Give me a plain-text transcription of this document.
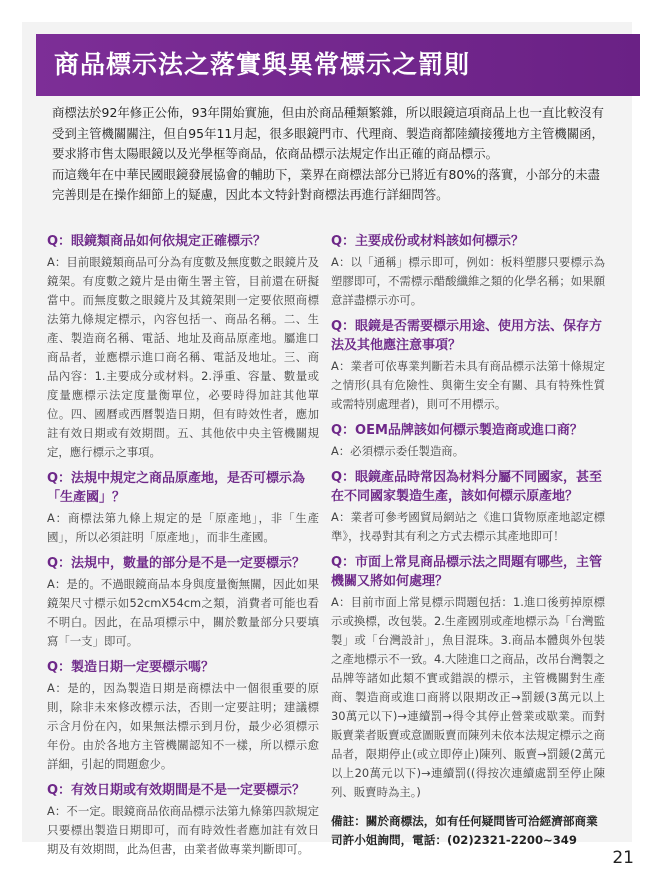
商品標示法之落實與異常標示之罰則

商標法於92年修正公佈，93年開始實施，但由於商品種類繁雜，所以眼鏡這項商品上也一直比較沒有受到主管機關關注，但自95年11月起，很多眼鏡門市、代理商、製造商都陸續接獲地方主管機關函，要求將市售太陽眼鏡以及光學框等商品，依商品標示法規定作出正確的商品標示。

而這幾年在中華民國眼鏡發展協會的輔助下，業界在商標法部分已將近有80%的落實，小部分的未盡完善則是在操作細節上的疑慮，因此本文特針對商標法再進行詳細問答。

Q：眼鏡類商品如何依規定正確標示？

A：目前眼鏡類商品可分為有度數及無度數之眼鏡片及鏡架。有度數之鏡片是由衛生署主管，目前還在研擬當中。而無度數之眼鏡片及其鏡架則一定要依照商標法第九條規定標示，內容包括一、商品名稱。二、生產、製造商名稱、電話、地址及商品原產地。屬進口商品者，並應標示進口商名稱、電話及地址。三、商品內容：1.主要成分或材料。2.淨重、容量、數量或度量應標示法定度量衡單位，必要時得加註其他單位。四、國曆或西曆製造日期，但有時效性者，應加註有效日期或有效期間。五、其他依中央主管機關規定，應行標示之事項。

Q：法規中規定之商品原產地，是否可標示為「生產國」？

A：商標法第九條上規定的是「原產地」，非「生產國」，所以必須註明「原產地」，而非生產國。

Q：法規中，數量的部分是不是一定要標示？

A：是的。不過眼鏡商品本身與度量衡無關，因此如果鏡架尺寸標示如52cmX54cm之類，消費者可能也看不明白。因此，在品項標示中，關於數量部分只要填寫「一支」即可。

Q：製造日期一定要標示嗎？

A：是的，因為製造日期是商標法中一個很重要的原則，除非未來修改標示法，否則一定要註明；建議標示含月份在內，如果無法標示到月份，最少必須標示年份。由於各地方主管機關認知不一樣，所以標示愈詳細，引起的問題愈少。

Q：有效日期或有效期間是不是一定要標示？

A：不一定。眼鏡商品依商品標示法第九條第四款規定只要標出製造日期即可，而有時效性者應加註有效日期及有效期間，此為但書，由業者做專業判斷即可。

Q：主要成份或材料該如何標示？

A：以「通稱」標示即可，例如：板料塑膠只要標示為塑膠即可，不需標示醋酸纖維之類的化學名稱；如果願意詳盡標示亦可。

Q：眼鏡是否需要標示用途、使用方法、保存方法及其他應注意事項？

A：業者可依專業判斷若未具有商品標示法第十條規定之情形(具有危險性、與衛生安全有關、具有特殊性質或需特別處理者)，則可不用標示。

Q：OEM品牌該如何標示製造商或進口商？

A：必須標示委任製造商。

Q：眼鏡產品時常因為材料分屬不同國家，甚至在不同國家製造生產，該如何標示原產地？

A：業者可參考國貿局網站之《進口貨物原產地認定標準》，找尋對其有利之方式去標示其產地即可！

Q：市面上常見商品標示法之問題有哪些，主管機關又將如何處理？

A：目前市面上常見標示問題包括：1.進口後剪掉原標示或換標，改包裝。2.生產國別或產地標示為「台灣監製」或「台灣設計」，魚目混珠。3.商品本體與外包裝之產地標示不一致。4.大陸進口之商品，改吊台灣製之品牌等諸如此類不實或錯誤的標示，主管機關對生產商、製造商或進口商將以限期改正→罰鍰(3萬元以上30萬元以下)→連續罰→得令其停止營業或歇業。而對販賣業者販賣或意圖販賣而陳列未依本法規定標示之商品者，限期停止(或立即停止)陳列、販賣→罰鍰(2萬元以上20萬元以下)→連續罰((得按次連續處罰至停止陳列、販賣時為主。)

備註：關於商標法，如有任何疑問皆可洽經濟部商業司許小姐詢問，電話：(02)2321-2200~349

21
